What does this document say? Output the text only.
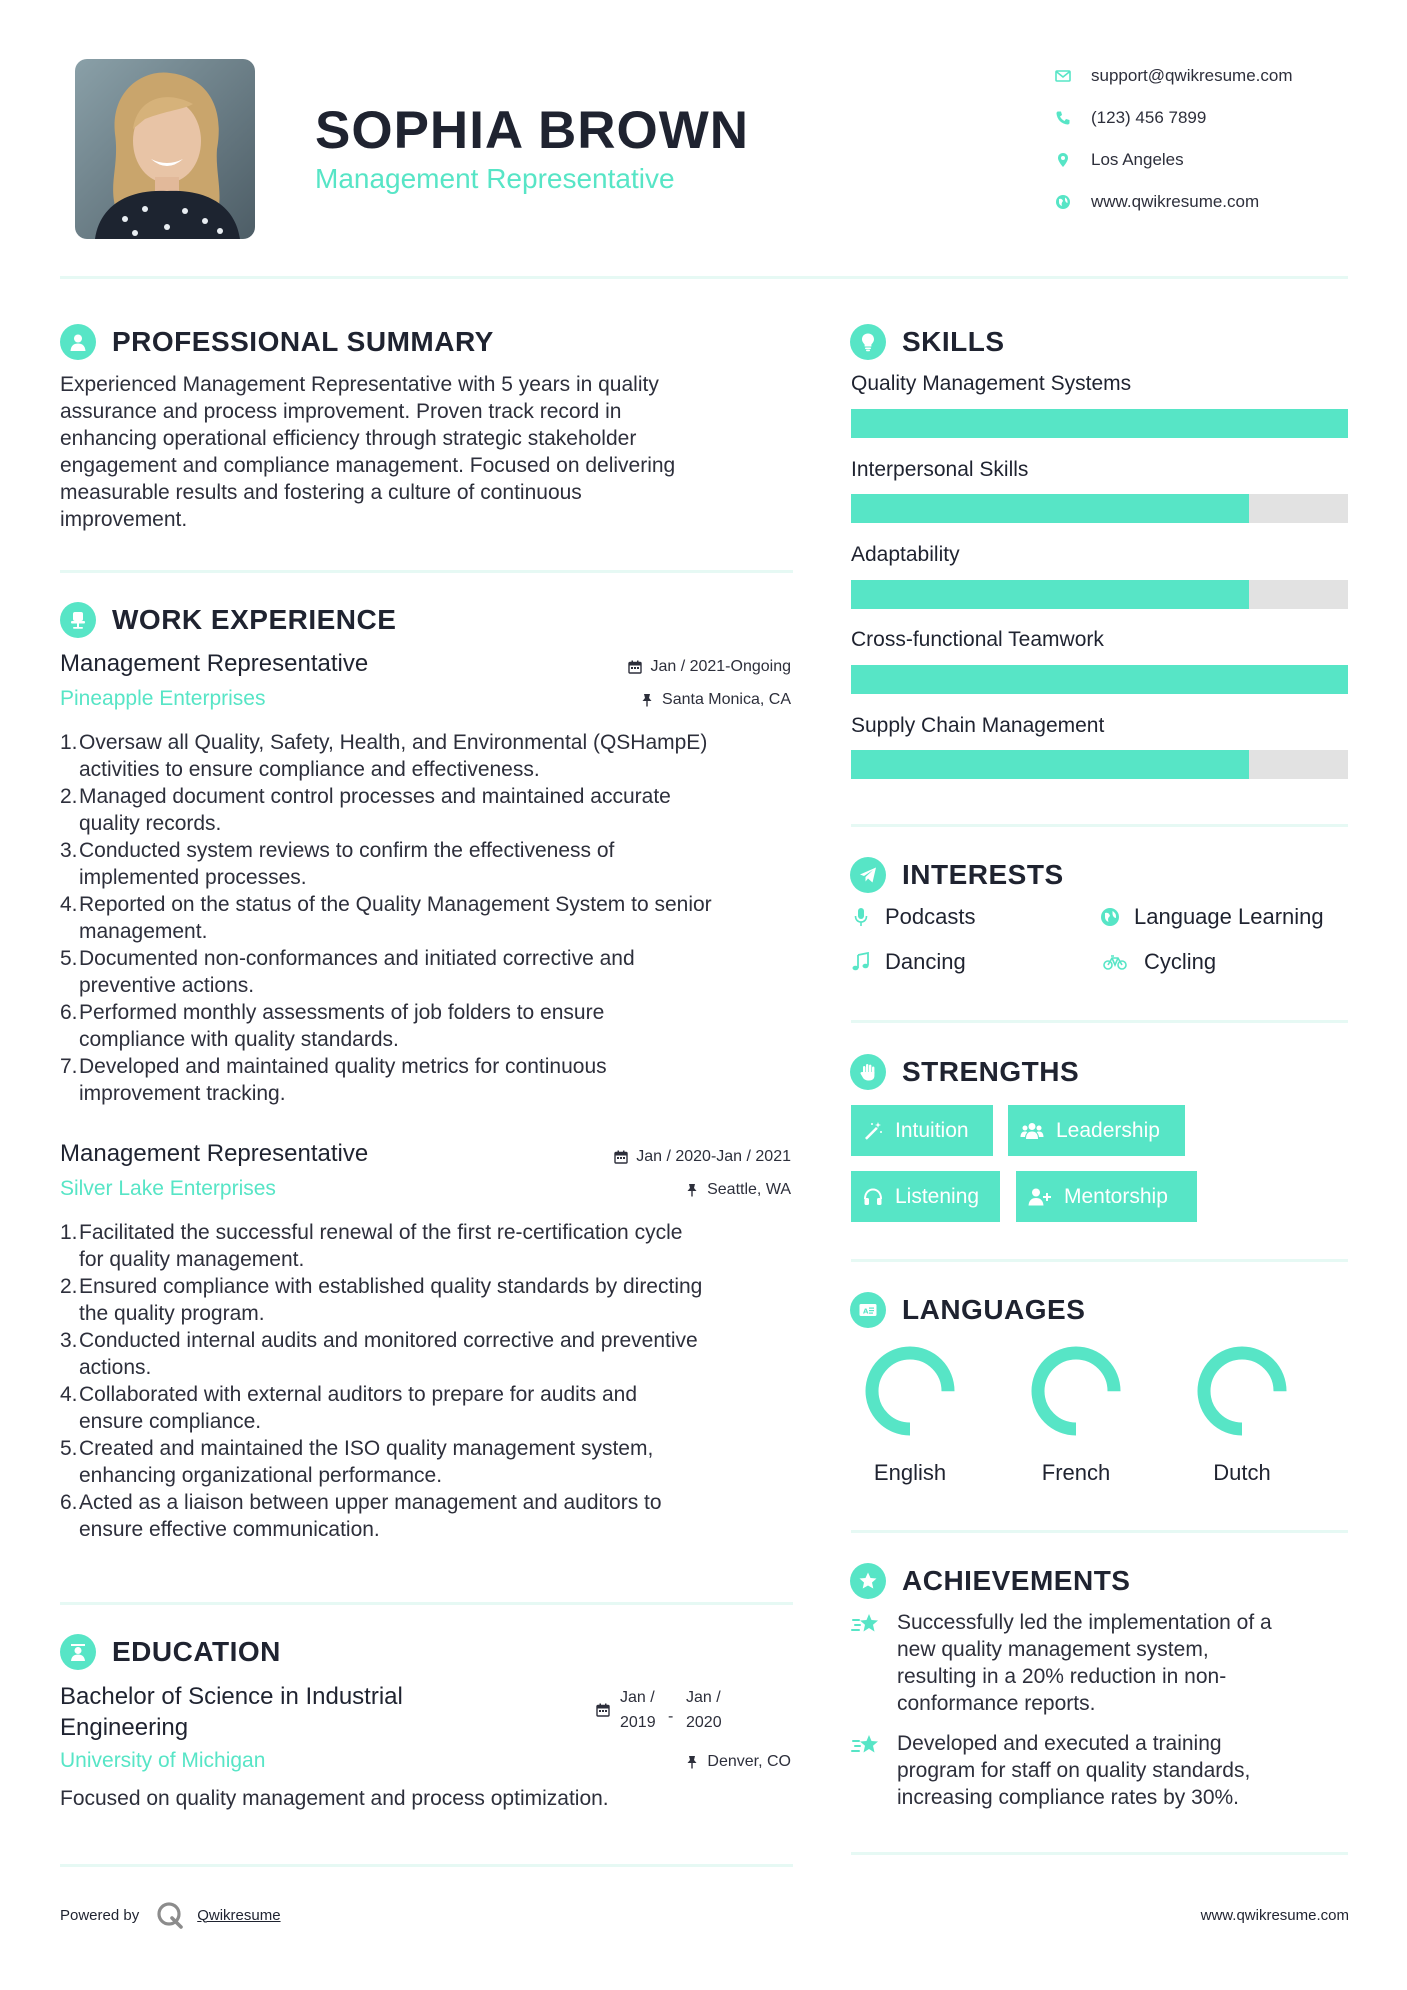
SOPHIA BROWN
Management Representative
support@qwikresume.com
(123) 456 7899
Los Angeles
www.qwikresume.com
PROFESSIONAL SUMMARY
Experienced Management Representative with 5 years in quality
assurance and process improvement. Proven track record in
enhancing operational efficiency through strategic stakeholder
engagement and compliance management. Focused on delivering
measurable results and fostering a culture of continuous
improvement.
WORK EXPERIENCE
Management Representative
Pineapple Enterprises
Jan / 2021-Ongoing
Santa Monica, CA
1. Oversaw all Quality, Safety, Health, and Environmental (QSHampE)
activities to ensure compliance and effectiveness.
2. Managed document control processes and maintained accurate
quality records.
3. Conducted system reviews to confirm the effectiveness of
implemented processes.
4. Reported on the status of the Quality Management System to senior
management.
5. Documented non-conformances and initiated corrective and
preventive actions.
6. Performed monthly assessments of job folders to ensure
compliance with quality standards.
7. Developed and maintained quality metrics for continuous
improvement tracking.
Management Representative
Silver Lake Enterprises
Jan / 2020-Jan / 2021
Seattle, WA
1. Facilitated the successful renewal of the first re-certification cycle
for quality management.
2. Ensured compliance with established quality standards by directing
the quality program.
3. Conducted internal audits and monitored corrective and preventive
actions.
4. Collaborated with external auditors to prepare for audits and
ensure compliance.
5. Created and maintained the ISO quality management system,
enhancing organizational performance.
6. Acted as a liaison between upper management and auditors to
ensure effective communication.
EDUCATION
Bachelor of Science in Industrial
Engineering
University of Michigan
Jan /
2019 -
Jan /
2020
Denver, CO
Focused on quality management and process optimization.
SKILLS
Quality Management Systems
Interpersonal Skills
Adaptability
Cross-functional Teamwork
Supply Chain Management
INTERESTS
Podcasts	Language Learning
Dancing	Cycling
STRENGTHS
Intuition	Leadership
Listening	Mentorship
A LANGUAGES
English	French	Dutch
ACHIEVEMENTS
Successfully led the implementation of a
new quality management system,
resulting in a 20% reduction in non-
conformance reports.
Developed and executed a training
program for staff on quality standards,
increasing compliance rates by 30%.
Powered by	Qwikresume	www.qwikresume.com
